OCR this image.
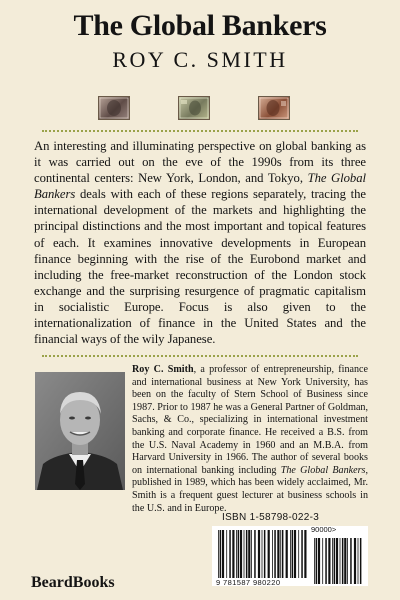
The Global Bankers
ROY C. SMITH
An interesting and illuminating perspective on global banking as it was carried out on the eve of the 1990s from its three continental centers: New York, London, and Tokyo, The Global Bankers deals with each of these regions separately, tracing the international development of the markets and highlighting the principal distinctions and the most important and topical features of each. It examines innovative developments in European finance beginning with the rise of the Eurobond market and including the free-market reconstruction of the London stock exchange and the surprising resurgence of pragmatic capitalism in socialistic Europe. Focus is also given to the internationalization of finance in the United States and the financial ways of the wily Japanese.
Roy C. Smith, a professor of entrepreneurship, finance and international business at New York University, has been on the faculty of Stern School of Business since 1987. Prior to 1987 he was a General Partner of Goldman, Sachs, & Co., specializing in international investment banking and corporate finance. He received a B.S. from the U.S. Naval Academy in 1960 and an M.B.A. from Harvard University in 1966. The author of several books on international banking including The Global Bankers, published in 1989, which has been widely acclaimed, Mr. Smith is a frequent guest lecturer at business schools in the U.S. and in Europe.
ISBN 1-58798-022-3
90000>
9 781587 980220
BeardBooks
